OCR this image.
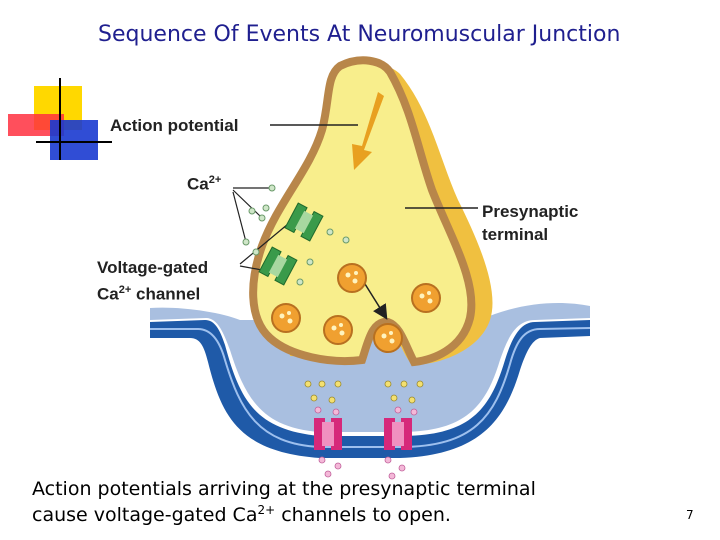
Sequence Of Events At Neuromuscular Junction
Action potential
$Ca^{2+}$
Presynaptic
terminal
Voltage-gated
$Ca^{2+}$ channel
Action potentials arriving at the presynaptic terminal
cause voltage-gated $Ca^{2+}$ channels to open.	7
